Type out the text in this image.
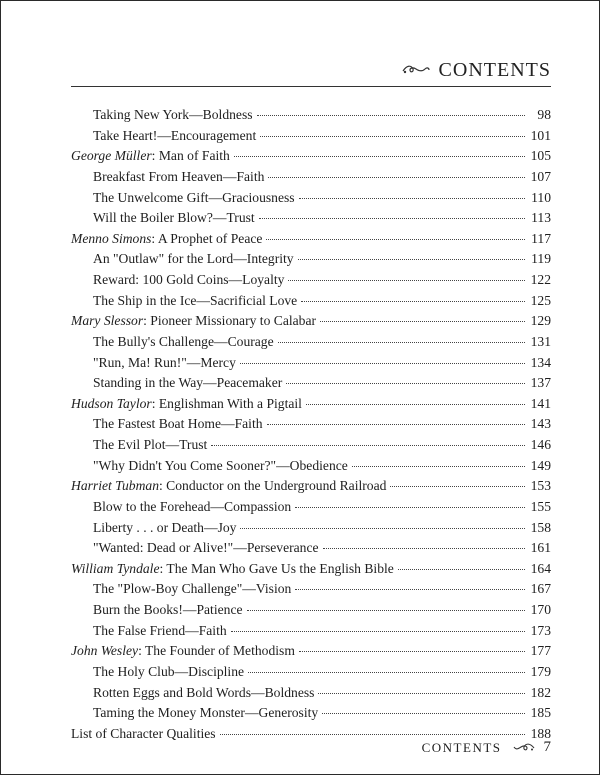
CONTENTS
Taking New York—Boldness	98
Take Heart!—Encouragement	101
George Müller: Man of Faith	105
Breakfast From Heaven—Faith	107
The Unwelcome Gift—Graciousness	110
Will the Boiler Blow?—Trust	113
Menno Simons: A Prophet of Peace	117
An "Outlaw" for the Lord—Integrity	119
Reward: 100 Gold Coins—Loyalty	122
The Ship in the Ice—Sacrificial Love	125
Mary Slessor: Pioneer Missionary to Calabar	129
The Bully's Challenge—Courage	131
"Run, Ma! Run!"—Mercy	134
Standing in the Way—Peacemaker	137
Hudson Taylor: Englishman With a Pigtail	141
The Fastest Boat Home—Faith	143
The Evil Plot—Trust	146
"Why Didn't You Come Sooner?"—Obedience	149
Harriet Tubman: Conductor on the Underground Railroad	153
Blow to the Forehead—Compassion	155
Liberty . . . or Death—Joy	158
"Wanted: Dead or Alive!"—Perseverance	161
William Tyndale: The Man Who Gave Us the English Bible	164
The "Plow-Boy Challenge"—Vision	167
Burn the Books!—Patience	170
The False Friend—Faith	173
John Wesley: The Founder of Methodism	177
The Holy Club—Discipline	179
Rotten Eggs and Bold Words—Boldness	182
Taming the Money Monster—Generosity	185
List of Character Qualities	188
CONTENTS	7
